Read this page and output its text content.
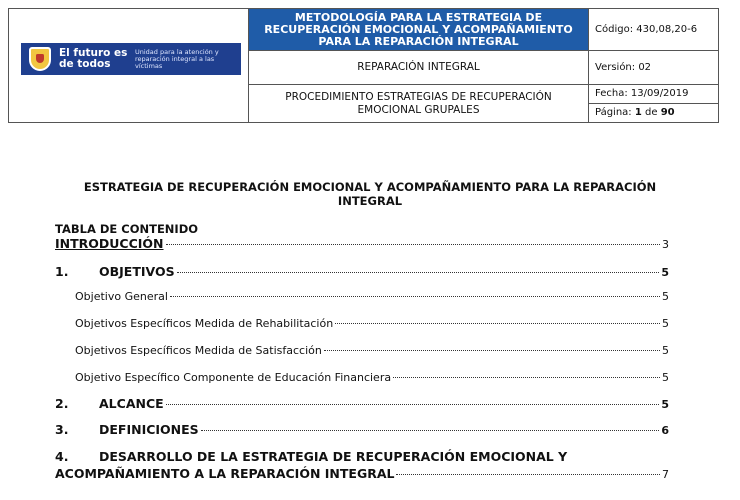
El futuro es de todos
Unidad para la atención y reparación integral a las víctimas	METODOLOGÍA PARA LA ESTRATEGIA DE RECUPERACIÓN EMOCIONAL Y ACOMPAÑAMIENTO PARA LA REPARACIÓN INTEGRAL	Código: 430,08,20-6
	REPARACIÓN INTEGRAL	Versión: 02
	PROCEDIMIENTO ESTRATEGIAS DE RECUPERACIÓN EMOCIONAL GRUPALES	Fecha: 13/09/2019
Página: 1 de 90
ESTRATEGIA DE RECUPERACIÓN EMOCIONAL Y ACOMPAÑAMIENTO PARA LA REPARACIÓN INTEGRAL
TABLA DE CONTENIDO
INTRODUCCIÓN	3
1.	OBJETIVOS	5
Objetivo General	5
Objetivos Específicos Medida de Rehabilitación	5
Objetivos Específicos Medida de Satisfacción	5
Objetivo Específico Componente de Educación Financiera	5
2.	ALCANCE	5
3.	DEFINICIONES	6
4. DESARROLLO DE LA ESTRATEGIA DE RECUPERACIÓN EMOCIONAL Y
ACOMPAÑAMIENTO A LA REPARACIÓN INTEGRAL	7
